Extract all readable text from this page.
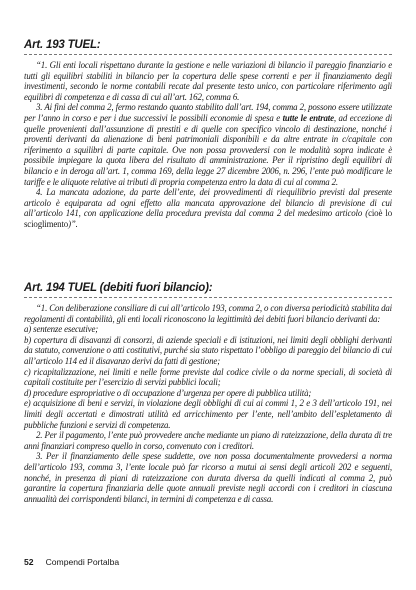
Art. 193 TUEL:

“1. Gli enti locali rispettano durante la gestione e nelle variazioni di bilancio il pareggio finanziario e tutti gli equilibri stabiliti in bilancio per la copertura delle spese correnti e per il finanziamento degli investimenti, secondo le norme contabili recate dal presente testo unico, con particolare riferimento agli equilibri di competenza e di cassa di cui all’art. 162, comma 6.

3. Ai fini del comma 2, fermo restando quanto stabilito dall’art. 194, comma 2, possono essere utilizzate per l’anno in corso e per i due successivi le possibili economie di spesa e tutte le entrate, ad eccezione di quelle provenienti dall’assunzione di prestiti e di quelle con specifico vincolo di destinazione, nonché i proventi derivanti da alienazione di beni patrimoniali disponibili e da altre entrate in c/capitale con riferimento a squilibri di parte capitale. Ove non possa provvedersi con le modalità sopra indicate è possibile impiegare la quota libera del risultato di amministrazione. Per il ripristino degli equilibri di bilancio e in deroga all’art. 1, comma 169, della legge 27 dicembre 2006, n. 296, l’ente può modificare le tariffe e le aliquote relative ai tributi di propria competenza entro la data di cui al comma 2.

4. La mancata adozione, da parte dell’ente, dei provvedimenti di riequilibrio previsti dal presente articolo è equiparata ad ogni effetto alla mancata approvazione del bilancio di previsione di cui all’articolo 141, con applicazione della procedura prevista dal comma 2 del medesimo articolo (cioè lo scioglimento)”.

Art. 194 TUEL (debiti fuori bilancio):

“1. Con deliberazione consiliare di cui all’articolo 193, comma 2, o con diversa periodicità stabilita dai regolamenti di contabilità, gli enti locali riconoscono la legittimità dei debiti fuori bilancio derivanti da:

a) sentenze esecutive;

b) copertura di disavanzi di consorzi, di aziende speciali e di istituzioni, nei limiti degli obblighi derivanti da statuto, convenzione o atti costitutivi, purché sia stato rispettato l’obbligo di pareggio del bilancio di cui all’articolo 114 ed il disavanzo derivi da fatti di gestione;

c) ricapitalizzazione, nei limiti e nelle forme previste dal codice civile o da norme speciali, di società di capitali costituite per l’esercizio di servizi pubblici locali;

d) procedure espropriative o di occupazione d’urgenza per opere di pubblica utilità;

e) acquisizione di beni e servizi, in violazione degli obblighi di cui ai commi 1, 2 e 3 dell’articolo 191, nei limiti degli accertati e dimostrati utilità ed arricchimento per l’ente, nell’ambito dell’espletamento di pubbliche funzioni e servizi di competenza.

2. Per il pagamento, l’ente può provvedere anche mediante un piano di rateizzazione, della durata di tre anni finanziari compreso quello in corso, convenuto con i creditori.

3. Per il finanziamento delle spese suddette, ove non possa documentalmente provvedersi a norma dell’articolo 193, comma 3, l’ente locale può far ricorso a mutui ai sensi degli articoli 202 e seguenti, nonché, in presenza di piani di rateizzazione con durata diversa da quelli indicati al comma 2, può garantire la copertura finanziaria delle quote annuali previste negli accordi con i creditori in ciascuna annualità dei corrispondenti bilanci, in termini di competenza e di cassa.

52 Compendi Portalba
